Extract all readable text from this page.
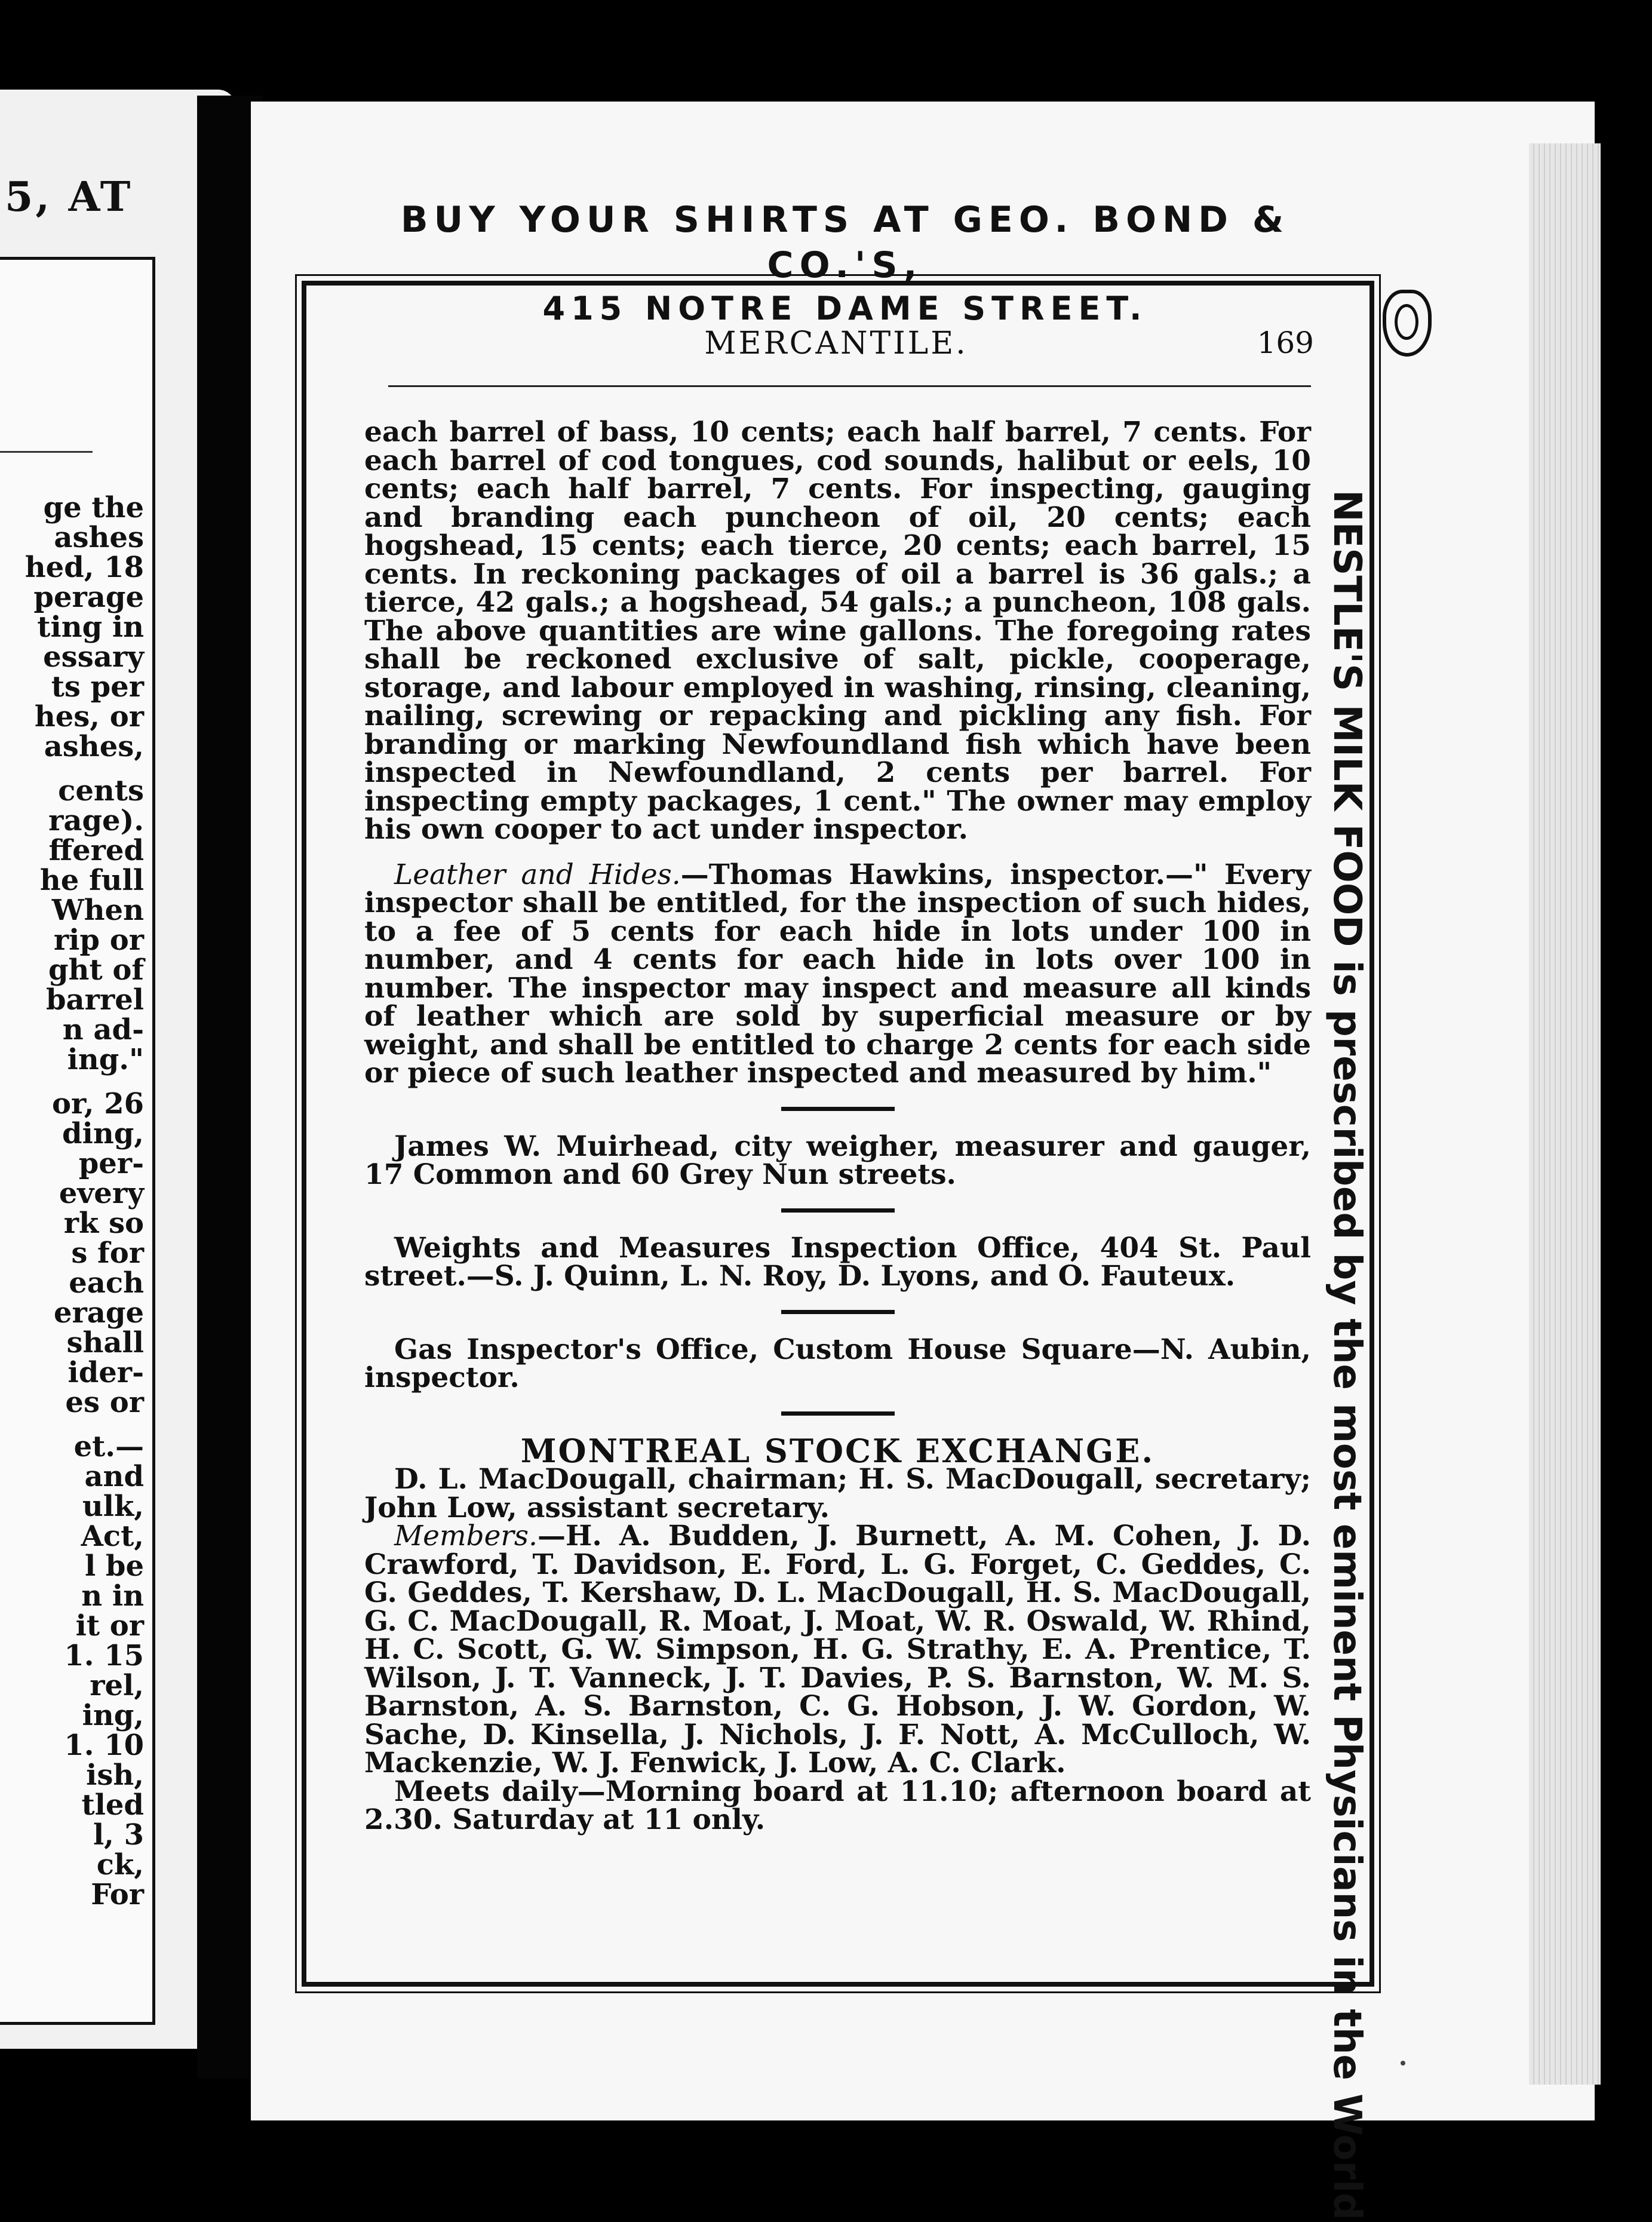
5, AT
ge the
ashes
hed, 18
perage
ting in
essary
ts per
hes, or
ashes,
cents
rage).
ffered
he full
When
rip or
ght of
barrel
n ad-
ing."
or, 26
ding,
per-
every
rk so
s for
each
erage
shall
ider-
es or
et.—
and
ulk,
Act,
l be
n in
it or
1. 15
rel,
ing,
1. 10
ish,
tled
l, 3
ck,
For
BUY YOUR SHIRTS AT GEO. BOND & CO.'S,
415 NOTRE DAME STREET.
MERCANTILE.	169

each barrel of bass, 10 cents; each half barrel, 7 cents. For each barrel of cod tongues, cod sounds, halibut or eels, 10 cents; each half barrel, 7 cents. For inspecting, gauging and branding each puncheon of oil, 20 cents; each hogshead, 15 cents; each tierce, 20 cents; each barrel, 15 cents. In reckoning packages of oil a barrel is 36 gals.; a tierce, 42 gals.; a hogshead, 54 gals.; a puncheon, 108 gals. The above quantities are wine gallons. The foregoing rates shall be reckoned exclusive of salt, pickle, cooperage, storage, and labour employed in washing, rinsing, cleaning, nailing, screwing or repacking and pickling any fish. For branding or marking Newfoundland fish which have been inspected in Newfoundland, 2 cents per barrel. For inspecting empty packages, 1 cent." The owner may employ his own cooper to act under inspector.

Leather and Hides.—Thomas Hawkins, inspector.—" Every inspector shall be entitled, for the inspection of such hides, to a fee of 5 cents for each hide in lots under 100 in number, and 4 cents for each hide in lots over 100 in number. The inspector may inspect and measure all kinds of leather which are sold by superficial measure or by weight, and shall be entitled to charge 2 cents for each side or piece of such leather inspected and measured by him."

James W. Muirhead, city weigher, measurer and gauger, 17 Common and 60 Grey Nun streets.

Weights and Measures Inspection Office, 404 St. Paul street.—S. J. Quinn, L. N. Roy, D. Lyons, and O. Fauteux.

Gas Inspector's Office, Custom House Square—N. Aubin, inspector.

MONTREAL STOCK EXCHANGE.

D. L. MacDougall, chairman; H. S. MacDougall, secretary; John Low, assistant secretary.

Members.—H. A. Budden, J. Burnett, A. M. Cohen, J. D. Crawford, T. Davidson, E. Ford, L. G. Forget, C. Geddes, C. G. Geddes, T. Kershaw, D. L. MacDougall, H. S. MacDougall, G. C. MacDougall, R. Moat, J. Moat, W. R. Oswald, W. Rhind, H. C. Scott, G. W. Simpson, H. G. Strathy, E. A. Prentice, T. Wilson, J. T. Vanneck, J. T. Davies, P. S. Barnston, W. M. S. Barnston, A. S. Barnston, C. G. Hobson, J. W. Gordon, W. Sache, D. Kinsella, J. Nichols, J. F. Nott, A. McCulloch, W. Mackenzie, W. J. Fenwick, J. Low, A. C. Clark.

Meets daily—Morning board at 11.10; afternoon board at 2.30. Saturday at 11 only.	NESTLE'S MILK FOOD is prescribed by the most eminent Physicians in the World
